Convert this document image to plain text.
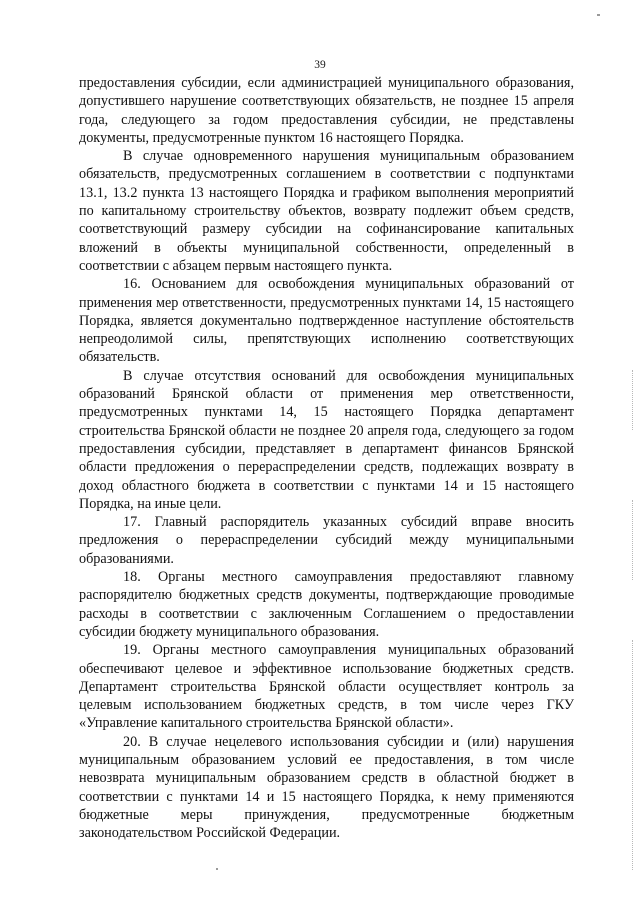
39

предоставления субсидии, если администрацией муниципального образования, допустившего нарушение соответствующих обязательств, не позднее 15 апреля года, следующего за годом предоставления субсидии, не представлены документы, предусмотренные пунктом 16 настоящего Порядка.

В случае одновременного нарушения муниципальным образованием обязательств, предусмотренных соглашением в соответствии с подпунктами 13.1, 13.2 пункта 13 настоящего Порядка и графиком выполнения мероприятий по капитальному строительству объектов, возврату подлежит объем средств, соответствующий размеру субсидии на софинансирование капитальных вложений в объекты муниципальной собственности, определенный в соответствии с абзацем первым настоящего пункта.

16. Основанием для освобождения муниципальных образований от применения мер ответственности, предусмотренных пунктами 14, 15 настоящего Порядка, является документально подтвержденное наступление обстоятельств непреодолимой силы, препятствующих исполнению соответствующих обязательств.

В случае отсутствия оснований для освобождения муниципальных образований Брянской области от применения мер ответственности, предусмотренных пунктами 14, 15 настоящего Порядка департамент строительства Брянской области не позднее 20 апреля года, следующего за годом предоставления субсидии, представляет в департамент финансов Брянской области предложения о перераспределении средств, подлежащих возврату в доход областного бюджета в соответствии с пунктами 14 и 15 настоящего Порядка, на иные цели.

17. Главный распорядитель указанных субсидий вправе вносить предложения о перераспределении субсидий между муниципальными образованиями.

18. Органы местного самоуправления предоставляют главному распорядителю бюджетных средств документы, подтверждающие проводимые расходы в соответствии с заключенным Соглашением о предоставлении субсидии бюджету муниципального образования.

19. Органы местного самоуправления муниципальных образований обеспечивают целевое и эффективное использование бюджетных средств. Департамент строительства Брянской области осуществляет контроль за целевым использованием бюджетных средств, в том числе через ГКУ «Управление капитального строительства Брянской области».

20. В случае нецелевого использования субсидии и (или) нарушения муниципальным образованием условий ее предоставления, в том числе невозврата муниципальным образованием средств в областной бюджет в соответствии с пунктами 14 и 15 настоящего Порядка, к нему применяются бюджетные меры принуждения, предусмотренные бюджетным законодательством Российской Федерации.
